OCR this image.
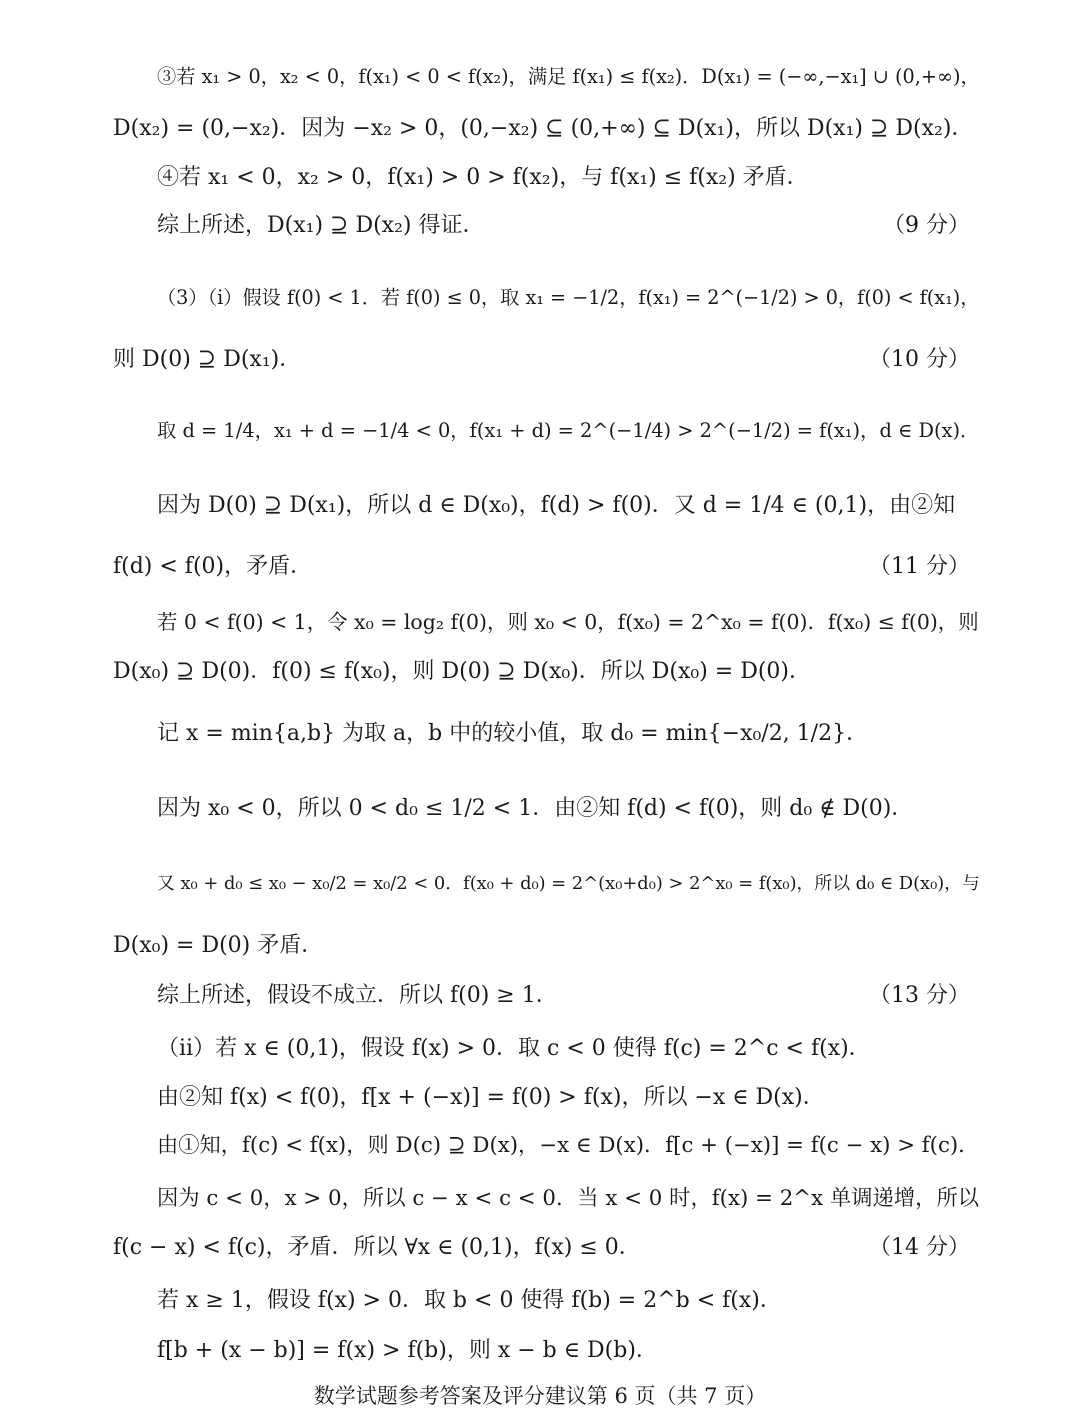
③若 x₁ > 0，x₂ < 0，f(x₁) < 0 < f(x₂)，满足 f(x₁) ≤ f(x₂)．D(x₁) = (−∞,−x₁] ∪ (0,+∞)，
D(x₂) = (0,−x₂)．因为 −x₂ > 0，(0,−x₂) ⊆ (0,+∞) ⊆ D(x₁)，所以 D(x₁) ⊇ D(x₂)．
④若 x₁ < 0，x₂ > 0，f(x₁) > 0 > f(x₂)，与 f(x₁) ≤ f(x₂) 矛盾．
综上所述，D(x₁) ⊇ D(x₂) 得证．	（9 分）
（3）（ⅰ）假设 f(0) < 1．若 f(0) ≤ 0，取 x₁ = −1/2，f(x₁) = 2^(−1/2) > 0，f(0) < f(x₁)，
则 D(0) ⊇ D(x₁)．	（10 分）
取 d = 1/4，x₁ + d = −1/4 < 0，f(x₁ + d) = 2^(−1/4) > 2^(−1/2) = f(x₁)，d ∈ D(x)．
因为 D(0) ⊇ D(x₁)，所以 d ∈ D(x₀)，f(d) > f(0)．又 d = 1/4 ∈ (0,1)，由②知
f(d) < f(0)，矛盾．	（11 分）
若 0 < f(0) < 1，令 x₀ = log₂ f(0)，则 x₀ < 0，f(x₀) = 2^x₀ = f(0)．f(x₀) ≤ f(0)，则
D(x₀) ⊇ D(0)．f(0) ≤ f(x₀)，则 D(0) ⊇ D(x₀)．所以 D(x₀) = D(0)．
记 x = min{a,b} 为取 a，b 中的较小值，取 d₀ = min{−x₀/2, 1/2}．
因为 x₀ < 0，所以 0 < d₀ ≤ 1/2 < 1．由②知 f(d) < f(0)，则 d₀ ∉ D(0)．
又 x₀ + d₀ ≤ x₀ − x₀/2 = x₀/2 < 0．f(x₀ + d₀) = 2^(x₀+d₀) > 2^x₀ = f(x₀)，所以 d₀ ∈ D(x₀)，与
D(x₀) = D(0) 矛盾．
综上所述，假设不成立．所以 f(0) ≥ 1．	（13 分）
（ⅱ）若 x ∈ (0,1)，假设 f(x) > 0．取 c < 0 使得 f(c) = 2^c < f(x)．
由②知 f(x) < f(0)，f[x + (−x)] = f(0) > f(x)，所以 −x ∈ D(x)．
由①知，f(c) < f(x)，则 D(c) ⊇ D(x)，−x ∈ D(x)．f[c + (−x)] = f(c − x) > f(c)．
因为 c < 0，x > 0，所以 c − x < c < 0．当 x < 0 时，f(x) = 2^x 单调递增，所以
f(c − x) < f(c)，矛盾．所以 ∀x ∈ (0,1)，f(x) ≤ 0．	（14 分）
若 x ≥ 1，假设 f(x) > 0．取 b < 0 使得 f(b) = 2^b < f(x)．
f[b + (x − b)] = f(x) > f(b)，则 x − b ∈ D(b)．
数学试题参考答案及评分建议第 6 页（共 7 页）
